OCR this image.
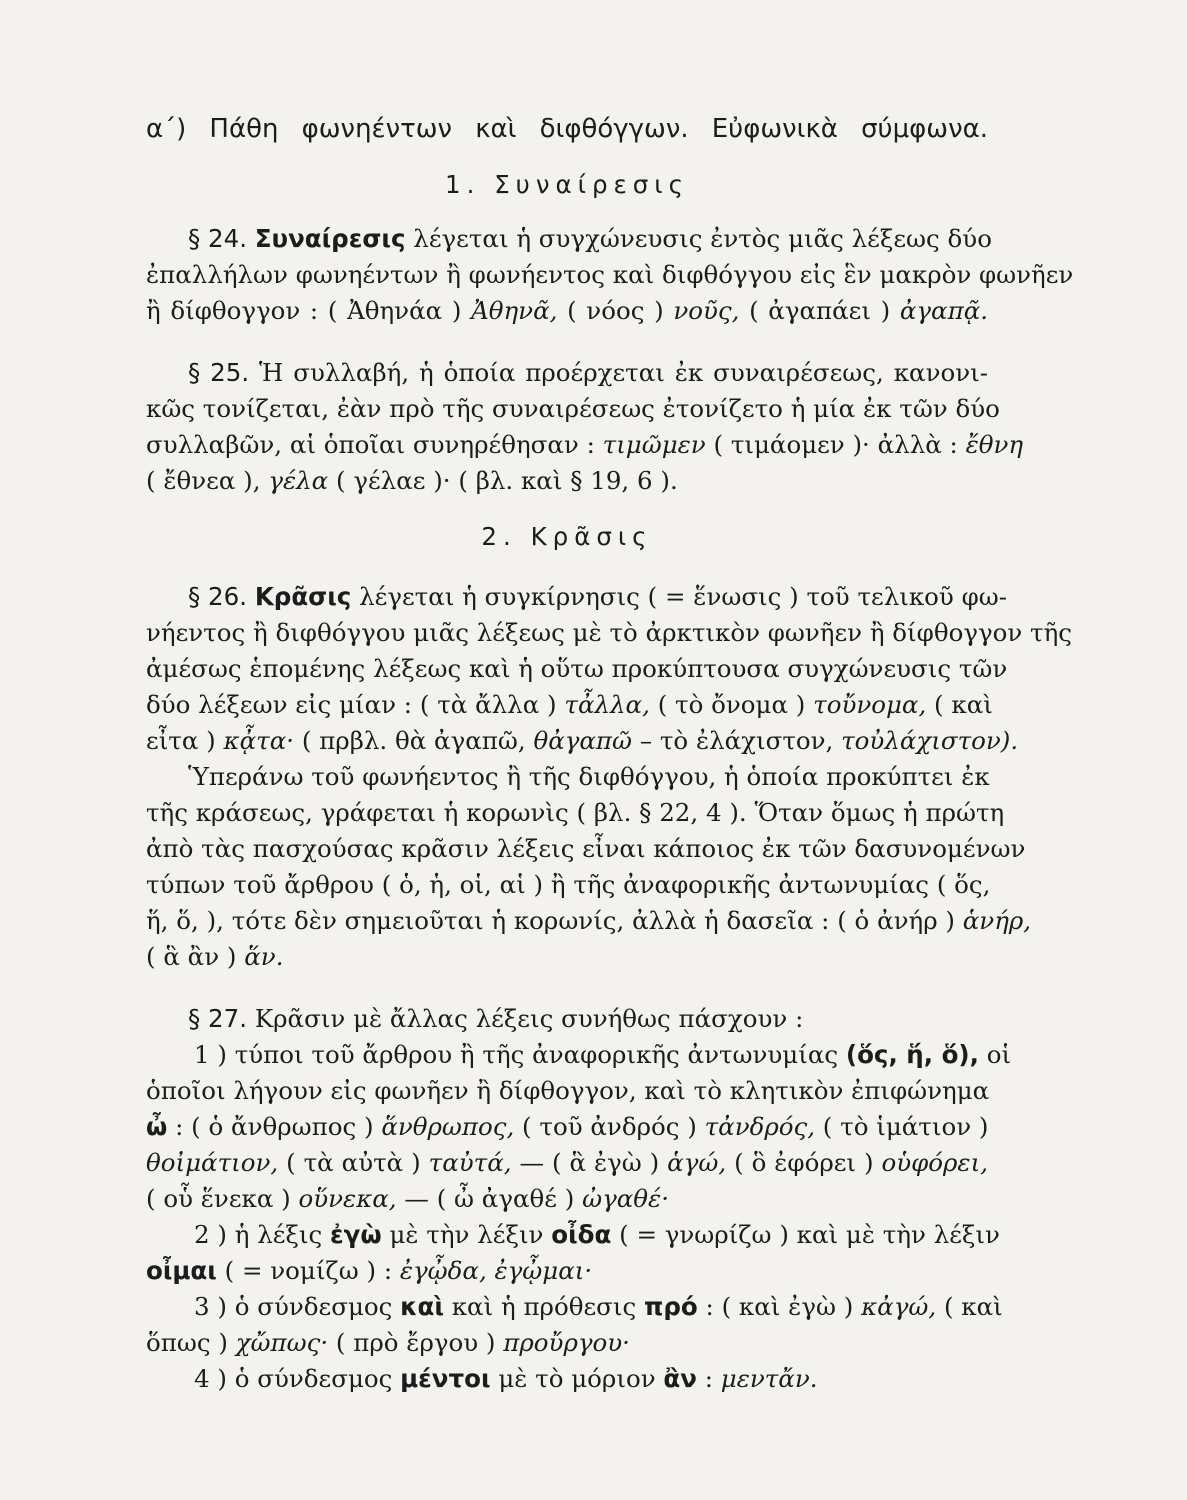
α΄) Πάθη φωνηέντων καὶ διφθόγγων. Εὐφωνικὰ σύμφωνα.
1. Συναίρεσις
§ 24. Συναίρεσις λέγεται ἡ συγχώνευσις ἐντὸς μιᾶς λέξεως δύο
ἐπαλλήλων φωνηέντων ἢ φωνήεντος καὶ διφθόγγου εἰς ἓν μακρὸν φωνῆεν
ἢ δίφθογγον : ( Ἀθηνάα ) Ἀθηνᾶ, ( νόος ) νοῦς, ( ἀγαπάει ) ἀγαπᾷ.
§ 25. Ἡ συλλαβή, ἡ ὁποία προέρχεται ἐκ συναιρέσεως, κανονι-
κῶς τονίζεται, ἐὰν πρὸ τῆς συναιρέσεως ἐτονίζετο ἡ μία ἐκ τῶν δύο
συλλαβῶν, αἱ ὁποῖαι συνηρέθησαν : τιμῶμεν ( τιμάομεν )· ἀλλὰ : ἔθνη
( ἔθνεα ), γέλα ( γέλαε )· ( βλ. καὶ § 19, 6 ).
2. Κρᾶσις
§ 26. Κρᾶσις λέγεται ἡ συγκίρνησις ( = ἕνωσις ) τοῦ τελικοῦ φω-
νήεντος ἢ διφθόγγου μιᾶς λέξεως μὲ τὸ ἀρκτικὸν φωνῆεν ἢ δίφθογγον τῆς
ἀμέσως ἑπομένης λέξεως καὶ ἡ οὕτω προκύπτουσα συγχώνευσις τῶν
δύο λέξεων εἰς μίαν : ( τὰ ἄλλα ) τἆλλα, ( τὸ ὄνομα ) τοὔνομα, ( καὶ
εἶτα ) κᾆτα· ( πρβλ. θὰ ἀγαπῶ, θἀγαπῶ – τὸ ἐλάχιστον, τοὐλάχιστον).
Ὑπεράνω τοῦ φωνήεντος ἢ τῆς διφθόγγου, ἡ ὁποία προκύπτει ἐκ
τῆς κράσεως, γράφεται ἡ κορωνὶς ( βλ. § 22, 4 ). Ὅταν ὅμως ἡ πρώτη
ἀπὸ τὰς πασχούσας κρᾶσιν λέξεις εἶναι κάποιος ἐκ τῶν δασυνομένων
τύπων τοῦ ἄρθρου ( ὁ, ἡ, οἱ, αἱ ) ἢ τῆς ἀναφορικῆς ἀντωνυμίας ( ὅς,
ἥ, ὅ, ), τότε δὲν σημειοῦται ἡ κορωνίς, ἀλλὰ ἡ δασεῖα : ( ὁ ἀνήρ ) ἁνήρ,
( ἃ ἂν ) ἅν.
§ 27. Κρᾶσιν μὲ ἄλλας λέξεις συνήθως πάσχουν :
1 ) τύποι τοῦ ἄρθρου ἢ τῆς ἀναφορικῆς ἀντωνυμίας (ὅς, ἥ, ὅ), οἱ
ὁποῖοι λήγουν εἰς φωνῆεν ἢ δίφθογγον, καὶ τὸ κλητικὸν ἐπιφώνημα
ὦ : ( ὁ ἄνθρωπος ) ἅνθρωπος, ( τοῦ ἀνδρός ) τἀνδρός, ( τὸ ἱμάτιον )
θοἰμάτιον, ( τὰ αὐτὰ ) ταὐτά, — ( ἃ ἐγὼ ) ἁγώ, ( ὃ ἐφόρει ) οὑφόρει,
( οὗ ἕνεκα ) οὕνεκα, — ( ὦ ἀγαθέ ) ὠγαθέ·
2 ) ἡ λέξις ἐγὼ μὲ τὴν λέξιν οἶδα ( = γνωρίζω ) καὶ μὲ τὴν λέξιν
οἶμαι ( = νομίζω ) : ἐγᾦδα, ἐγᾦμαι·
3 ) ὁ σύνδεσμος καὶ καὶ ἡ πρόθεσις πρό : ( καὶ ἐγὼ ) κἀγώ, ( καὶ
ὅπως ) χὤπως· ( πρὸ ἔργου ) προὔργου·
4 ) ὁ σύνδεσμος μέντοι μὲ τὸ μόριον ἂν : μεντἄν.
